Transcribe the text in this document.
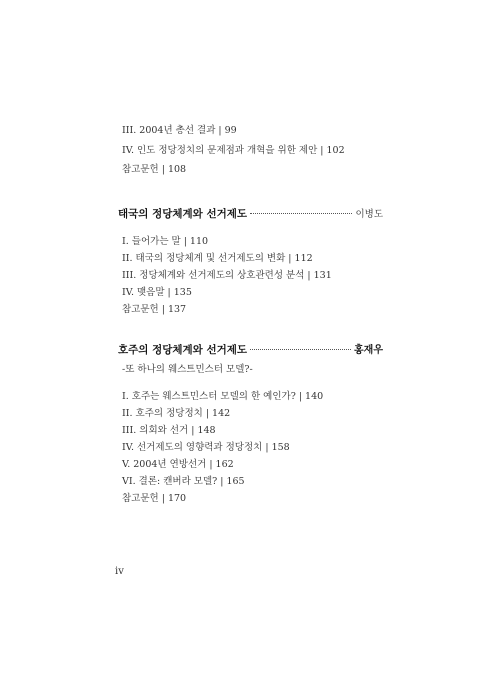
III. 2004년 총선 결과 | 99
IV. 인도 정당정치의 문제점과 개혁을 위한 제안 | 102
참고문헌 | 108
태국의 정당체계와 선거제도	이병도
I. 들어가는 말 | 110
II. 태국의 정당체계 및 선거제도의 변화 | 112
III. 정당체계와 선거제도의 상호관련성 분석 | 131
IV. 맺음말 | 135
참고문헌 | 137
호주의 정당체계와 선거제도	홍재우
-또 하나의 웨스트민스터 모델?-
I. 호주는 웨스트민스터 모델의 한 예인가? | 140
II. 호주의 정당정치 | 142
III. 의회와 선거 | 148
IV. 선거제도의 영향력과 정당정치 | 158
V. 2004년 연방선거 | 162
VI. 결론: 캔버라 모델? | 165
참고문헌 | 170
iv
